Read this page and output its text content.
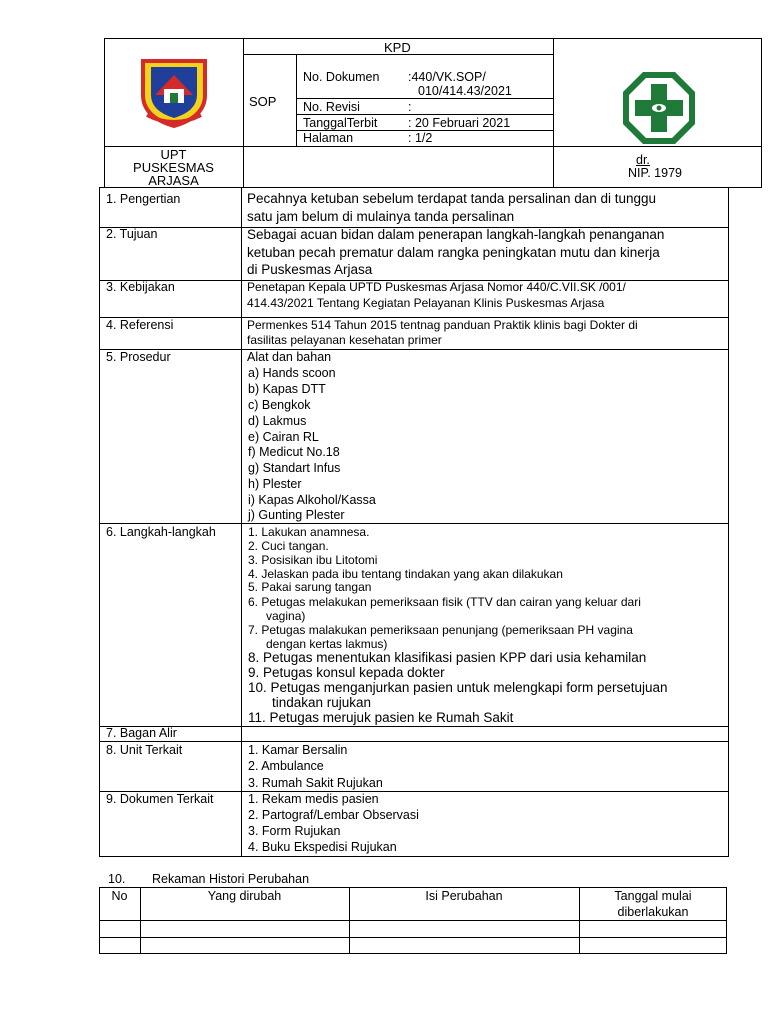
KPD
SOP
No. Dokumen :440/VK.SOP/
010/414.43/2021
No. Revisi	:
TanggalTerbit : 20 Februari 2021
Halaman	: 1/2
UPT
PUSKESMAS
ARJASA
dr.
NIP. 1979
1. Pengertian	Pecahnya ketuban sebelum terdapat tanda persalinan dan di tunggu
satu jam belum di mulainya tanda persalinan
2. Tujuan	Sebagai acuan bidan dalam penerapan langkah-langkah penanganan
ketuban pecah prematur dalam rangka peningkatan mutu dan kinerja
di Puskesmas Arjasa
3. Kebijakan	Penetapan Kepala UPTD Puskesmas Arjasa Nomor 440/C.VII.SK /001/
414.43/2021 Tentang Kegiatan Pelayanan Klinis Puskesmas Arjasa
4. Referensi	Permenkes 514 Tahun 2015 tentnag panduan Praktik klinis bagi Dokter di
fasilitas pelayanan kesehatan primer
5. Prosedur	Alat dan bahan
a) Hands scoon
b) Kapas DTT
c) Bengkok
d) Lakmus
e) Cairan RL
f) Medicut No.18
g) Standart Infus
h) Plester
i) Kapas Alkohol/Kassa
j) Gunting Plester
6. Langkah-langkah	1. Lakukan anamnesa.
2. Cuci tangan.
3. Posisikan ibu Litotomi
4. Jelaskan pada ibu tentang tindakan yang akan dilakukan
5. Pakai sarung tangan
6. Petugas melakukan pemeriksaan fisik (TTV dan cairan yang keluar dari
vagina)
7. Petugas malakukan pemeriksaan penunjang (pemeriksaan PH vagina
dengan kertas lakmus)
8. Petugas menentukan klasifikasi pasien KPP dari usia kehamilan
9. Petugas konsul kepada dokter
10. Petugas menganjurkan pasien untuk melengkapi form persetujuan
tindakan rujukan
11. Petugas merujuk pasien ke Rumah Sakit
7. Bagan Alir
8. Unit Terkait	1. Kamar Bersalin
2. Ambulance
3. Rumah Sakit Rujukan
9. Dokumen Terkait	1. Rekam medis pasien
2. Partograf/Lembar Observasi
3. Form Rujukan
4. Buku Ekspedisi Rujukan
10. Rekaman Histori Perubahan
No	Yang dirubah	Isi Perubahan	Tanggal mulai
diberlakukan
